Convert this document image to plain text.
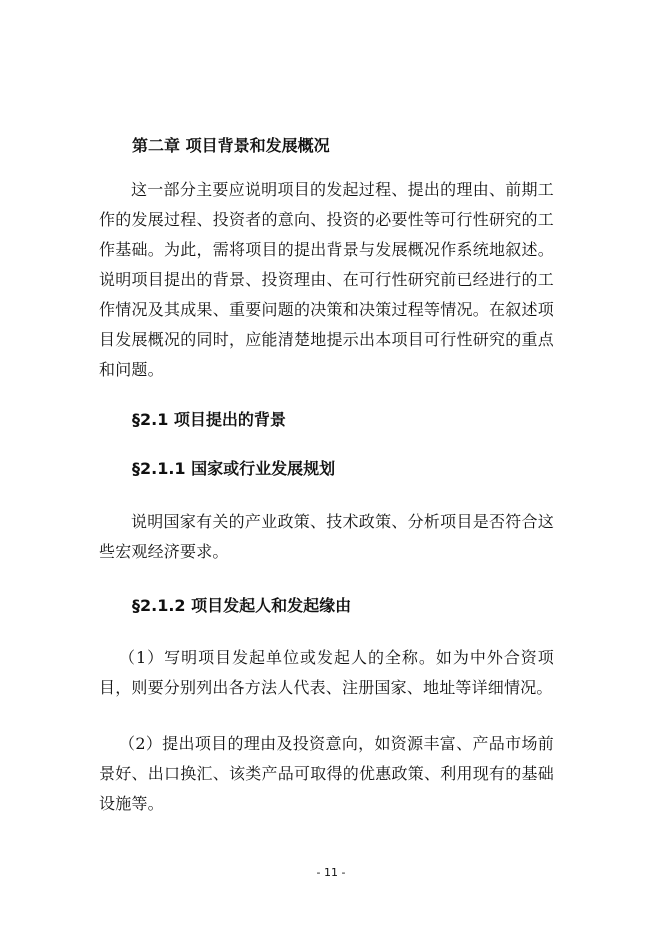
第二章 项目背景和发展概况

这一部分主要应说明项目的发起过程、提出的理由、前期工作的发展过程、投资者的意向、投资的必要性等可行性研究的工作基础。为此，需将项目的提出背景与发展概况作系统地叙述。说明项目提出的背景、投资理由、在可行性研究前已经进行的工作情况及其成果、重要问题的决策和决策过程等情况。在叙述项目发展概况的同时，应能清楚地提示出本项目可行性研究的重点和问题。

§2.1 项目提出的背景
§2.1.1 国家或行业发展规划

说明国家有关的产业政策、技术政策、分析项目是否符合这些宏观经济要求。

§2.1.2 项目发起人和发起缘由

（1）写明项目发起单位或发起人的全称。如为中外合资项目，则要分别列出各方法人代表、注册国家、地址等详细情况。

（2）提出项目的理由及投资意向，如资源丰富、产品市场前景好、出口换汇、该类产品可取得的优惠政策、利用现有的基础设施等。

- 11 -
